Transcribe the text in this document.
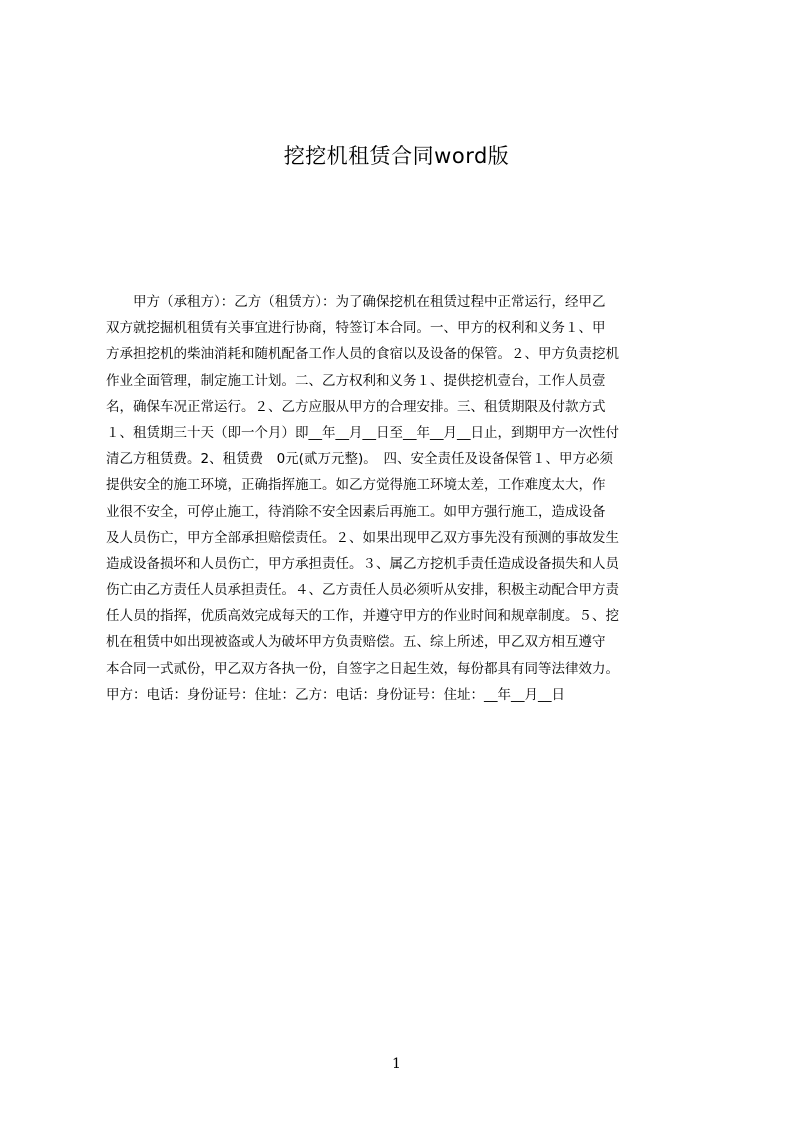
挖挖机租赁合同word版
　　甲方（承租方）：乙方（租赁方）：为了确保挖机在租赁过程中正常运行，经甲乙
双方就挖掘机租赁有关事宜进行协商，特签订本合同。一、甲方的权利和义务１、甲
方承担挖机的柴油消耗和随机配备工作人员的食宿以及设备的保管。２、甲方负责挖机
作业全面管理，制定施工计划。二、乙方权利和义务１、提供挖机壹台，工作人员壹
名，确保车况正常运行。２、乙方应服从甲方的合理安排。三、租赁期限及付款方式
１、租赁期三十天（即一个月）即__年__月__日至__年__月__日止，到期甲方一次性付
清乙方租赁费。2、租赁费　0元(贰万元整)。　四、安全责任及设备保管１、甲方必须
提供安全的施工环境，正确指挥施工。如乙方觉得施工环境太差，工作难度太大，作
业很不安全，可停止施工，待消除不安全因素后再施工。如甲方强行施工，造成设备
及人员伤亡，甲方全部承担赔偿责任。２、如果出现甲乙双方事先没有预测的事故发生
造成设备损坏和人员伤亡，甲方承担责任。３、属乙方挖机手责任造成设备损失和人员
伤亡由乙方责任人员承担责任。４、乙方责任人员必须听从安排，积极主动配合甲方责
任人员的指挥，优质高效完成每天的工作，并遵守甲方的作业时间和规章制度。５、挖
机在租赁中如出现被盗或人为破坏甲方负责赔偿。五、综上所述，甲乙双方相互遵守
本合同一式贰份，甲乙双方各执一份，自签字之日起生效，每份都具有同等法律效力。
甲方：电话：身份证号：住址：乙方：电话：身份证号：住址：__年__月__日
1
